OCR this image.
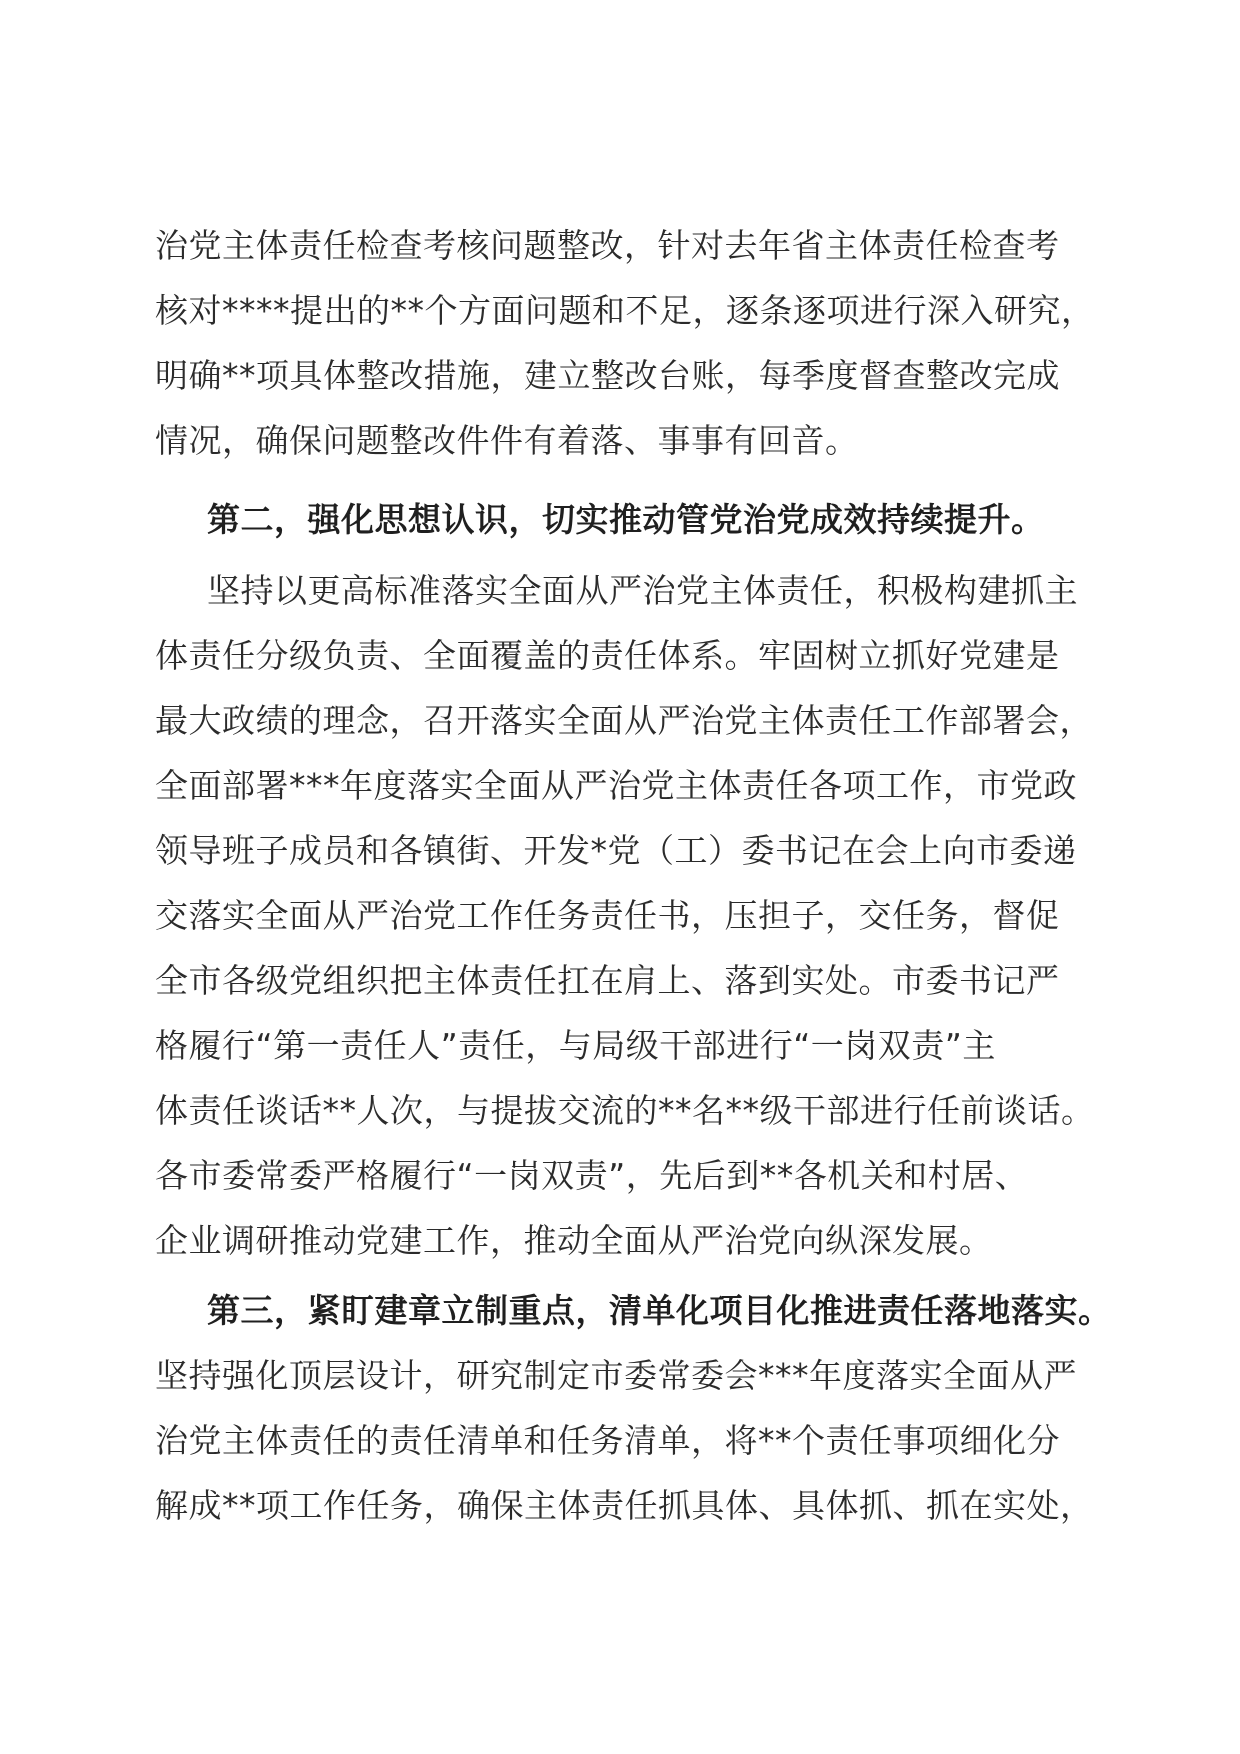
治党主体责任检查考核问题整改，针对去年省主体责任检查考
核对****提出的**个方面问题和不足，逐条逐项进行深入研究，
明确**项具体整改措施，建立整改台账，每季度督查整改完成
情况，确保问题整改件件有着落、事事有回音。
第二，强化思想认识，切实推动管党治党成效持续提升。
坚持以更高标准落实全面从严治党主体责任，积极构建抓主
体责任分级负责、全面覆盖的责任体系。牢固树立抓好党建是
最大政绩的理念，召开落实全面从严治党主体责任工作部署会，
全面部署***年度落实全面从严治党主体责任各项工作，市党政
领导班子成员和各镇街、开发*党（工）委书记在会上向市委递
交落实全面从严治党工作任务责任书，压担子，交任务，督促
全市各级党组织把主体责任扛在肩上、落到实处。市委书记严
格履行“第一责任人”责任，与局级干部进行“一岗双责”主
体责任谈话**人次，与提拔交流的**名**级干部进行任前谈话。
各市委常委严格履行“一岗双责”，先后到**各机关和村居、
企业调研推动党建工作，推动全面从严治党向纵深发展。
第三，紧盯建章立制重点，清单化项目化推进责任落地落实。
坚持强化顶层设计，研究制定市委常委会***年度落实全面从严
治党主体责任的责任清单和任务清单，将**个责任事项细化分
解成**项工作任务，确保主体责任抓具体、具体抓、抓在实处，
